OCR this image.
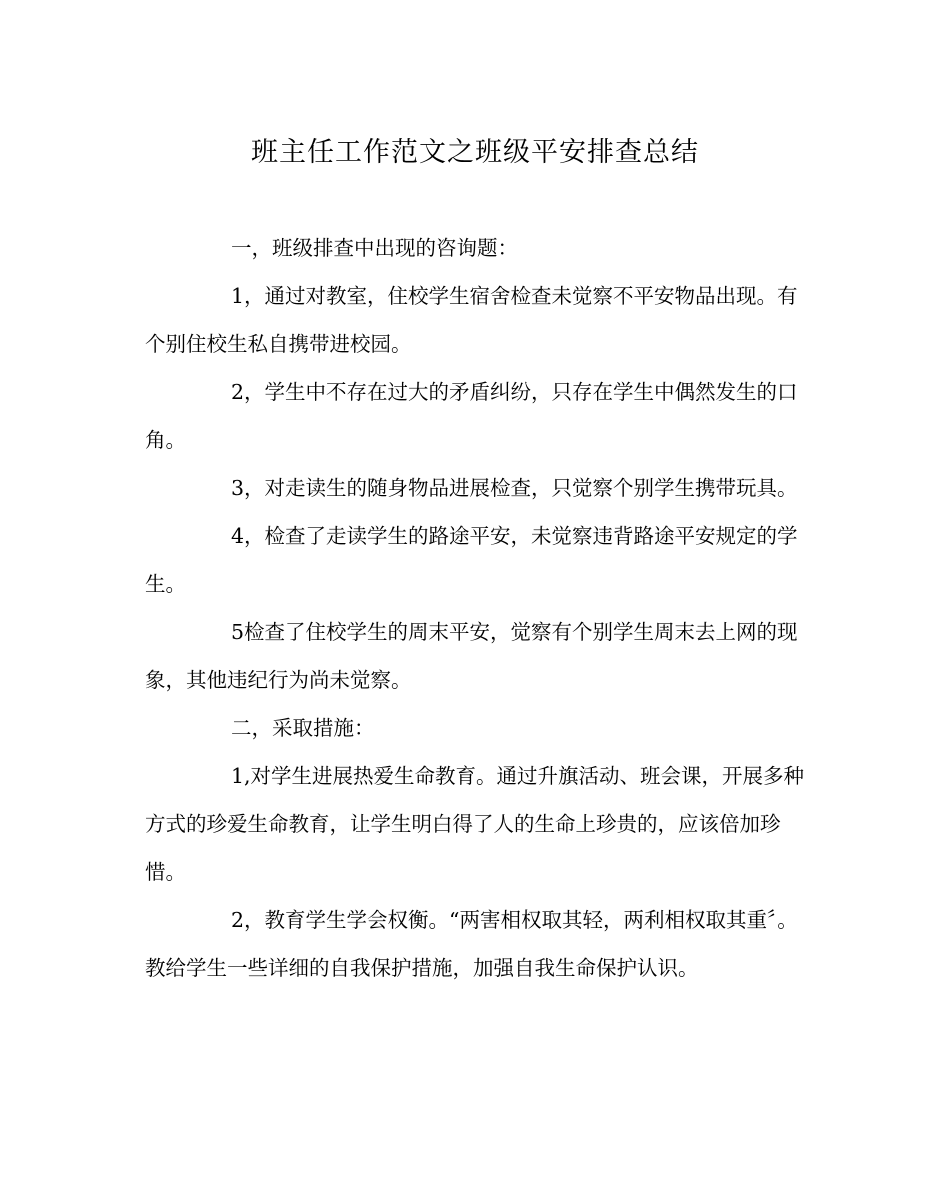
班主任工作范文之班级平安排查总结

一，班级排查中出现的咨询题：

1，通过对教室，住校学生宿舍检查未觉察不平安物品出现。有个别住校生私自携带进校园。

2，学生中不存在过大的矛盾纠纷，只存在学生中偶然发生的口角。

3，对走读生的随身物品进展检查，只觉察个别学生携带玩具。

4，检查了走读学生的路途平安，未觉察违背路途平安规定的学生。

5检查了住校学生的周末平安，觉察有个别学生周末去上网的现象，其他违纪行为尚未觉察。

二，采取措施：

1,对学生进展热爱生命教育。通过升旗活动、班会课，开展多种方式的珍爱生命教育，让学生明白得了人的生命上珍贵的，应该倍加珍惜。

2，教育学生学会权衡。“两害相权取其轻，两利相权取其重〞。教给学生一些详细的自我保护措施，加强自我生命保护认识。
